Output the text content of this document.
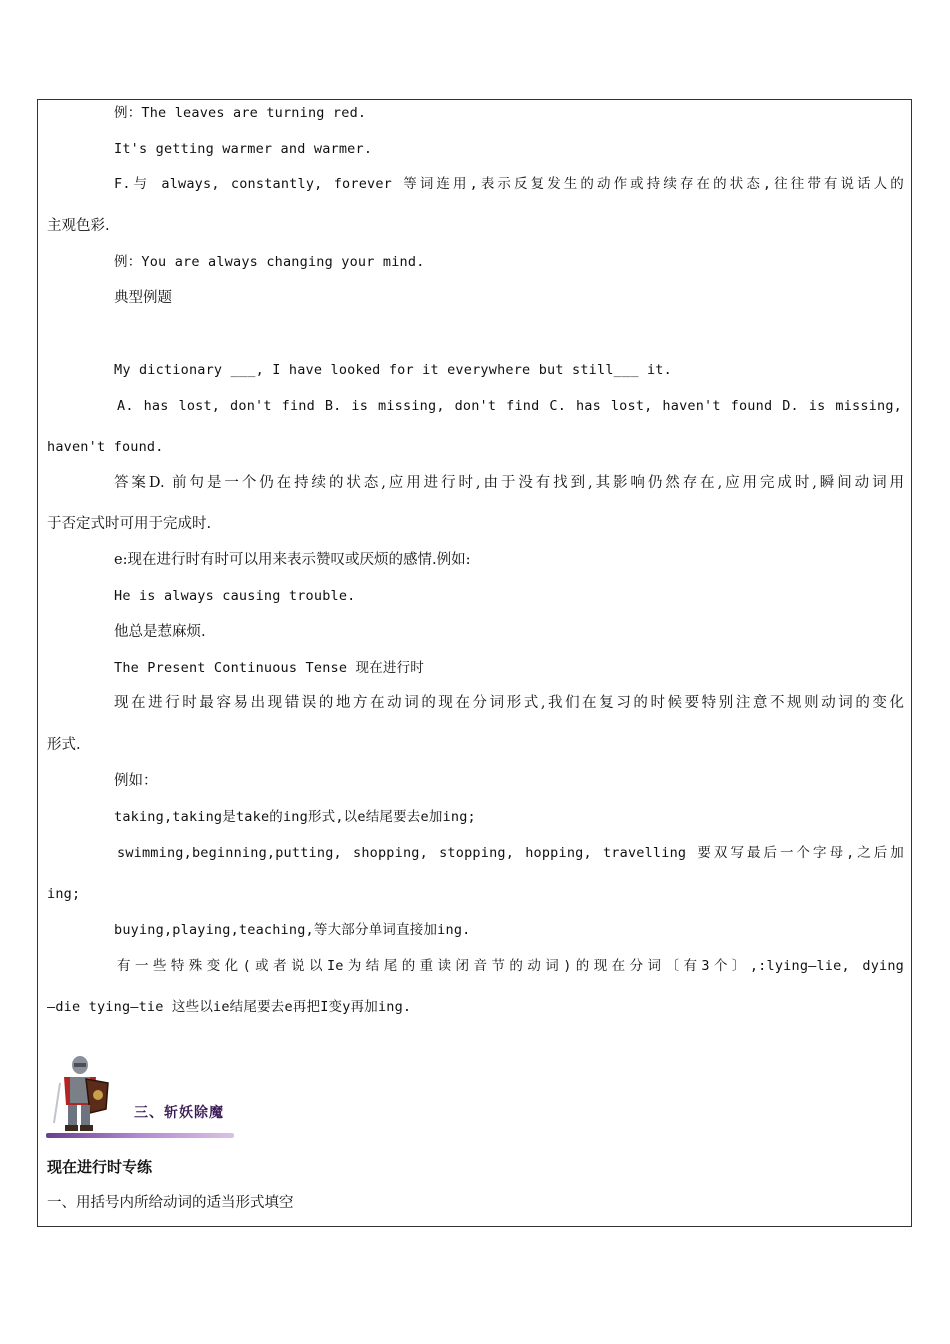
例：The leaves are turning red.
It's getting warmer and warmer.
F.与 always, constantly, forever 等词连用,表示反复发生的动作或持续存在的状态,往往带有说话人的
主观色彩.
例：You are always changing your mind.
典型例题
My dictionary ___, I have looked for it everywhere but still___ it.
A. has lost, don't find B. is missing, don't find C. has lost, haven't found D. is missing,
haven't found.
答案D. 前句是一个仍在持续的状态,应用进行时,由于没有找到,其影响仍然存在,应用完成时,瞬间动词用
于否定式时可用于完成时.
e:现在进行时有时可以用来表示赞叹或厌烦的感情.例如:
He is always causing trouble.
他总是惹麻烦.
The Present Continuous Tense 现在进行时
现在进行时最容易出现错误的地方在动词的现在分词形式,我们在复习的时候要特别注意不规则动词的变化
形式.
例如：
taking,taking是take的ing形式,以e结尾要去e加ing;
swimming,beginning,putting, shopping, stopping, hopping, travelling 要双写最后一个字母,之后加
ing;
buying,playing,teaching,等大部分单词直接加ing.
有一些特殊变化(或者说以Ie为结尾的重读闭音节的动词)的现在分词〔有3个〕,:lying—lie, dying
—die tying—tie 这些以ie结尾要去e再把I变y再加ing.
三、斩妖除魔
现在进行时专练
一、用括号内所给动词的适当形式填空
